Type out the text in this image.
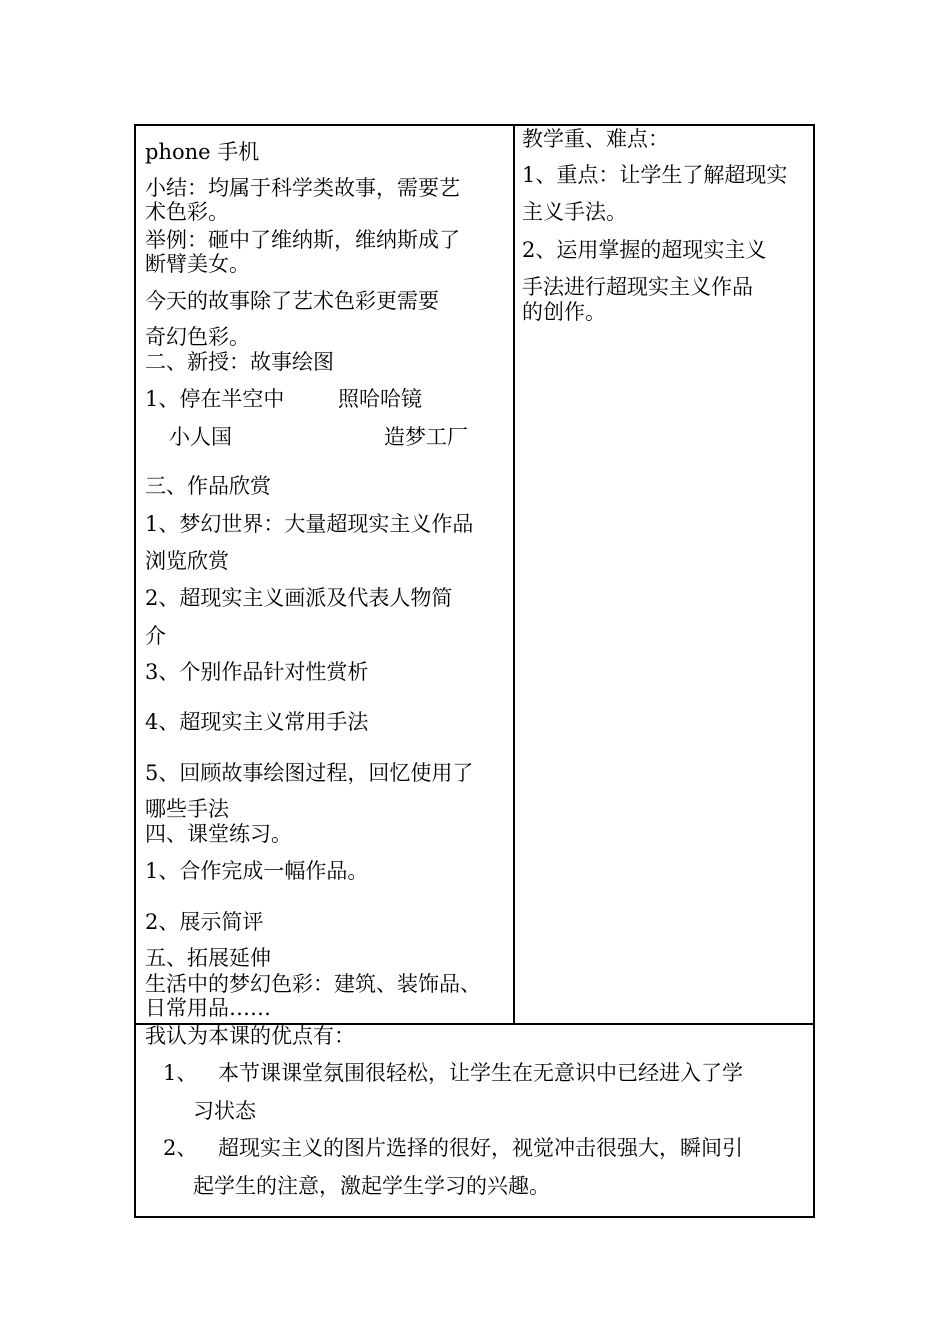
phone 手机

小结：均属于科学类故事，需要艺

术色彩。

举例：砸中了维纳斯，维纳斯成了

断臂美女。

今天的故事除了艺术色彩更需要

奇幻色彩。

二、新授：故事绘图

1、停在半空中	照哈哈镜

小人国	造梦工厂

三、作品欣赏

1、梦幻世界：大量超现实主义作品

浏览欣赏

2、超现实主义画派及代表人物简

介

3、个别作品针对性赏析

4、超现实主义常用手法

5、回顾故事绘图过程，回忆使用了

哪些手法

四、课堂练习。

1、合作完成一幅作品。

2、展示简评

五、拓展延伸

生活中的梦幻色彩：建筑、装饰品、

日常用品……

教学重、难点：

1、重点：让学生了解超现实

主义手法。

2、运用掌握的超现实主义

手法进行超现实主义作品

的创作。

我认为本课的优点有：

1、 本节课课堂氛围很轻松，让学生在无意识中已经进入了学

习状态

2、 超现实主义的图片选择的很好，视觉冲击很强大，瞬间引

起学生的注意，激起学生学习的兴趣。
